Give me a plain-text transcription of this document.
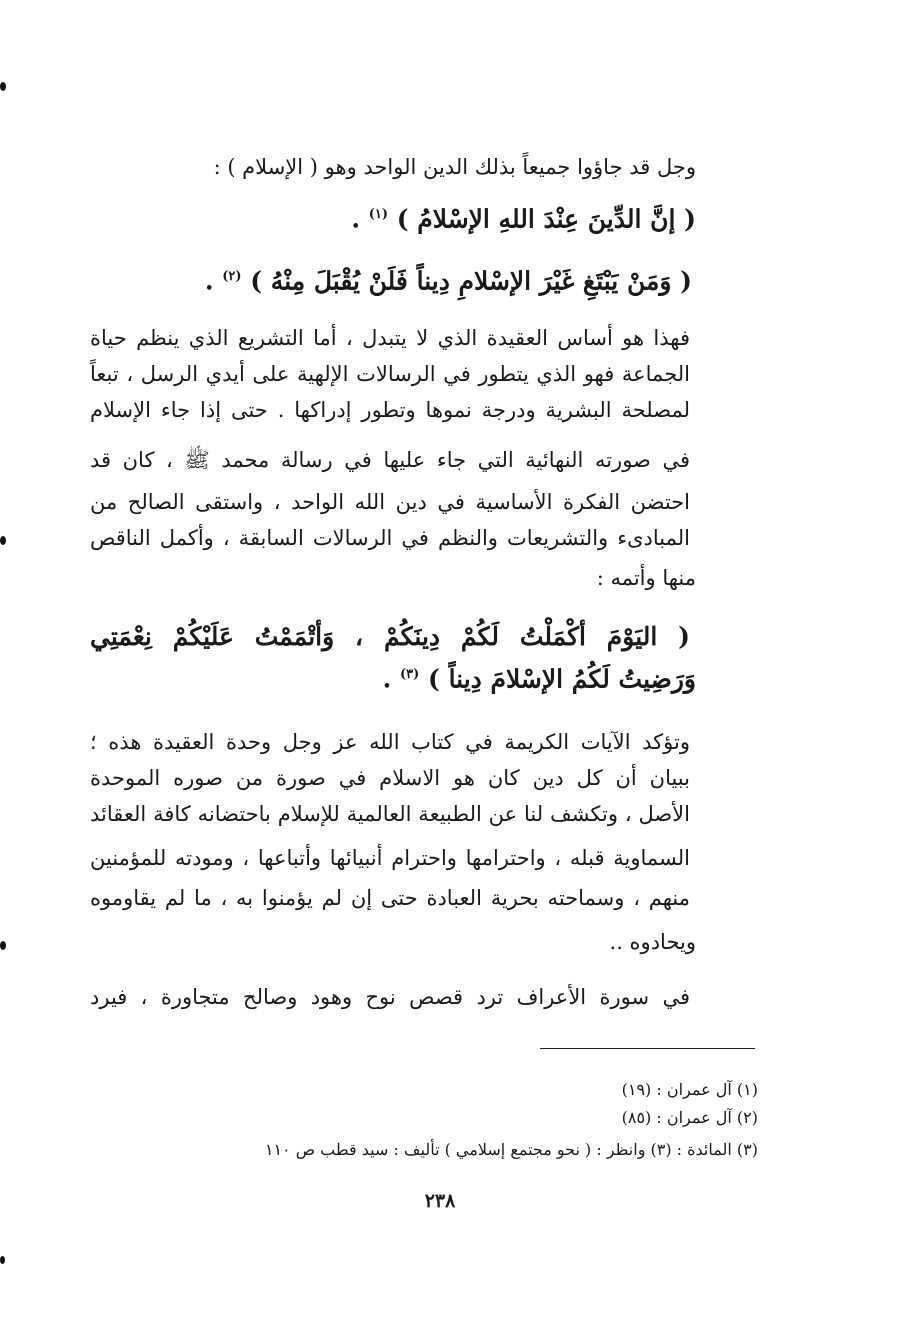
وجل قد جاؤوا جميعاً بذلك الدين الواحد وهو ( الإسلام ) :
( إنَّ الدِّينَ عِنْدَ اللهِ الإسْلامُ ) $^{(١)}$ .
( وَمَنْ يَبْتَغِ غَيْرَ الإسْلامِ دِيناً فَلَنْ يُقْبَلَ مِنْهُ ) $^{(٢)}$ .
فهذا هو أساس العقيدة الذي لا يتبدل ، أما التشريع الذي ينظم حياة
الجماعة فهو الذي يتطور في الرسالات الإلهية على أيدي الرسل ، تبعاً
لمصلحة البشرية ودرجة نموها وتطور إدراكها . حتى إذا جاء الإسلام
في صورته النهائية التي جاء عليها في رسالة محمد ﷺ ، كان قد
احتضن الفكرة الأساسية في دين الله الواحد ، واستقى الصالح من
المبادىء والتشريعات والنظم في الرسالات السابقة ، وأكمل الناقص
منها وأتمه :
( اليَوْمَ أكْمَلْتُ لَكُمْ دِينَكُمْ ، وَأتْمَمْتُ عَلَيْكُمْ نِعْمَتِي
وَرَضِيتُ لَكُمُ الإسْلامَ دِيناً ) $^{(٣)}$ .
وتؤكد الآيات الكريمة في كتاب الله عز وجل وحدة العقيدة هذه ؛
ببيان أن كل دين كان هو الاسلام في صورة من صوره الموحدة
الأصل ، وتكشف لنا عن الطبيعة العالمية للإسلام باحتضانه كافة العقائد
السماوية قبله ، واحترامها واحترام أنبيائها وأتباعها ، ومودته للمؤمنين
منهم ، وسماحته بحرية العبادة حتى إن لم يؤمنوا به ، ما لم يقاوموه
ويحادوه ..
في سورة الأعراف ترد قصص نوح وهود وصالح متجاورة ، فيرد
(١) آل عمران : (١٩)
(٢) آل عمران : (٨٥)
(٣) المائدة : (٣) وانظر : ( نحو مجتمع إسلامي ) تأليف : سيد قطب ص ١١٠
٢٣٨
